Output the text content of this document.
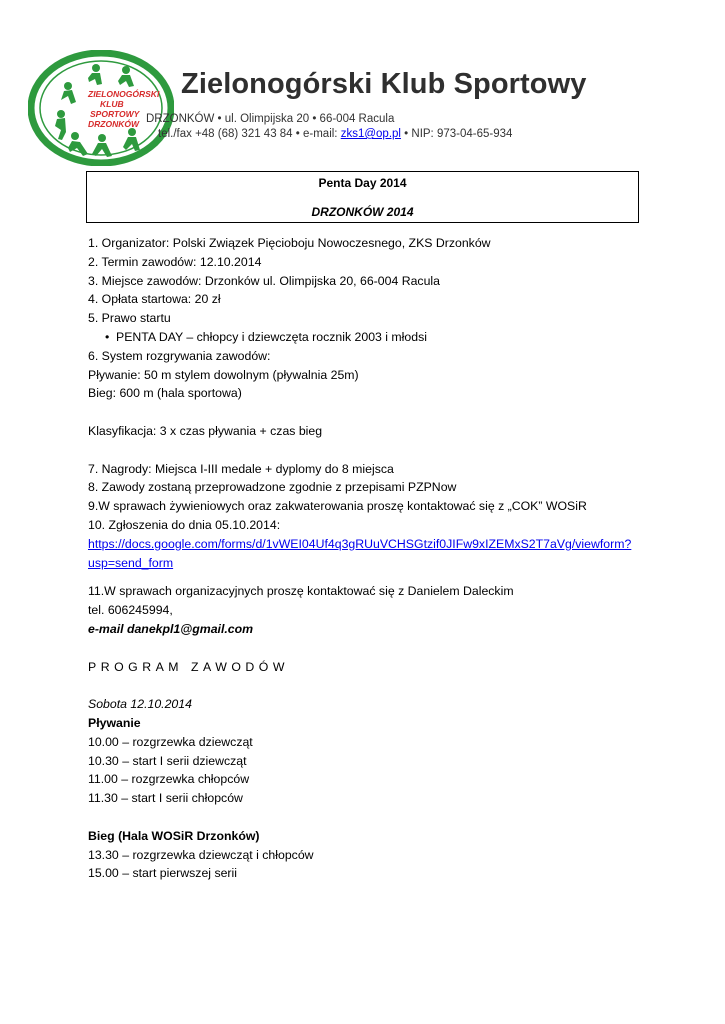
ZIELONOGÓRSKI
KLUB
SPORTOWY
DRZONKÓW
Zielonogórski Klub Sportowy
DRZONKÓW • ul. Olimpijska 20 • 66-004 Racula
tel./fax +48 (68) 321 43 84 • e-mail: zks1@op.pl • NIP: 973-04-65-934
Penta Day 2014
DRZONKÓW 2014

1. Organizator: Polski Związek Pięcioboju Nowoczesnego, ZKS Drzonków

2. Termin zawodów: 12.10.2014

3. Miejsce zawodów: Drzonków ul. Olimpijska 20, 66-004 Racula

4. Opłata startowa: 20 zł

5. Prawo startu

• PENTA DAY – chłopcy i dziewczęta rocznik 2003 i młodsi

6. System rozgrywania zawodów:

Pływanie: 50 m stylem dowolnym (pływalnia 25m)

Bieg: 600 m (hala sportowa)

Klasyfikacja: 3 x czas pływania + czas bieg

7. Nagrody: Miejsca I-III medale + dyplomy do 8 miejsca

8. Zawody zostaną przeprowadzone zgodnie z przepisami PZPNow

9.W sprawach żywieniowych oraz zakwaterowania proszę kontaktować się z „COK” WOSiR

10. Zgłoszenia do dnia 05.10.2014:

https://docs.google.com/forms/d/1vWEI04Uf4q3gRUuVCHSGtzif0JIFw9xIZEMxS2T7aVg/viewform?

usp=send_form

11.W sprawach organizacyjnych proszę kontaktować się z Danielem Daleckim

tel. 606245994,

e-mail danekpl1@gmail.com

PROGRAM ZAWODÓW

Sobota 12.10.2014

Pływanie

10.00 – rozgrzewka dziewcząt

10.30 – start I serii dziewcząt

11.00 – rozgrzewka chłopców

11.30 – start I serii chłopców

Bieg (Hala WOSiR Drzonków)

13.30 – rozgrzewka dziewcząt i chłopców

15.00 – start pierwszej serii
